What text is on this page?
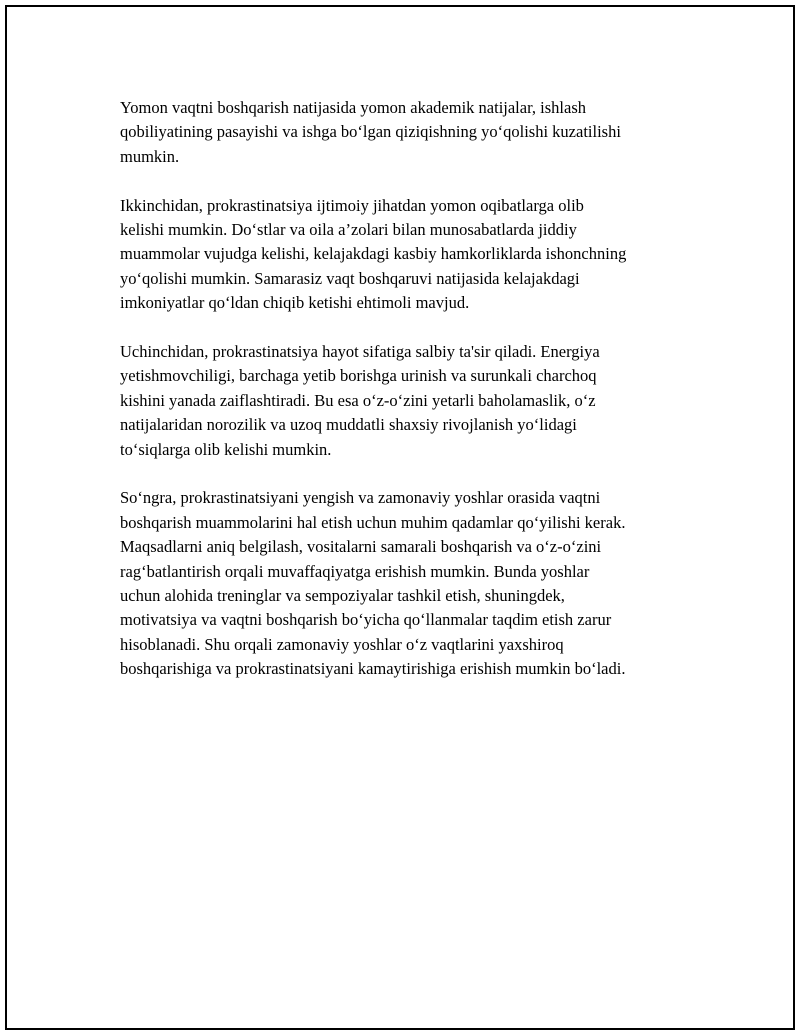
Yomon vaqtni boshqarish natijasida yomon akademik natijalar, ishlash
qobiliyatining pasayishi va ishga bo‘lgan qiziqishning yo‘qolishi kuzatilishi
mumkin.

Ikkinchidan, prokrastinatsiya ijtimoiy jihatdan yomon oqibatlarga olib
kelishi mumkin. Do‘stlar va oila a’zolari bilan munosabatlarda jiddiy
muammolar vujudga kelishi, kelajakdagi kasbiy hamkorliklarda ishonchning
yo‘qolishi mumkin. Samarasiz vaqt boshqaruvi natijasida kelajakdagi
imkoniyatlar qo‘ldan chiqib ketishi ehtimoli mavjud.

Uchinchidan, prokrastinatsiya hayot sifatiga salbiy ta'sir qiladi. Energiya
yetishmovchiligi, barchaga yetib borishga urinish va surunkali charchoq
kishini yanada zaiflashtiradi. Bu esa o‘z-o‘zini yetarli baholamaslik, o‘z
natijalaridan norozilik va uzoq muddatli shaxsiy rivojlanish yo‘lidagi
to‘siqlarga olib kelishi mumkin.

So‘ngra, prokrastinatsiyani yengish va zamonaviy yoshlar orasida vaqtni
boshqarish muammolarini hal etish uchun muhim qadamlar qo‘yilishi kerak.
Maqsadlarni aniq belgilash, vositalarni samarali boshqarish va o‘z-o‘zini
rag‘batlantirish orqali muvaffaqiyatga erishish mumkin. Bunda yoshlar
uchun alohida treninglar va sempoziyalar tashkil etish, shuningdek,
motivatsiya va vaqtni boshqarish bo‘yicha qo‘llanmalar taqdim etish zarur
hisoblanadi. Shu orqali zamonaviy yoshlar o‘z vaqtlarini yaxshiroq
boshqarishiga va prokrastinatsiyani kamaytirishiga erishish mumkin bo‘ladi.
